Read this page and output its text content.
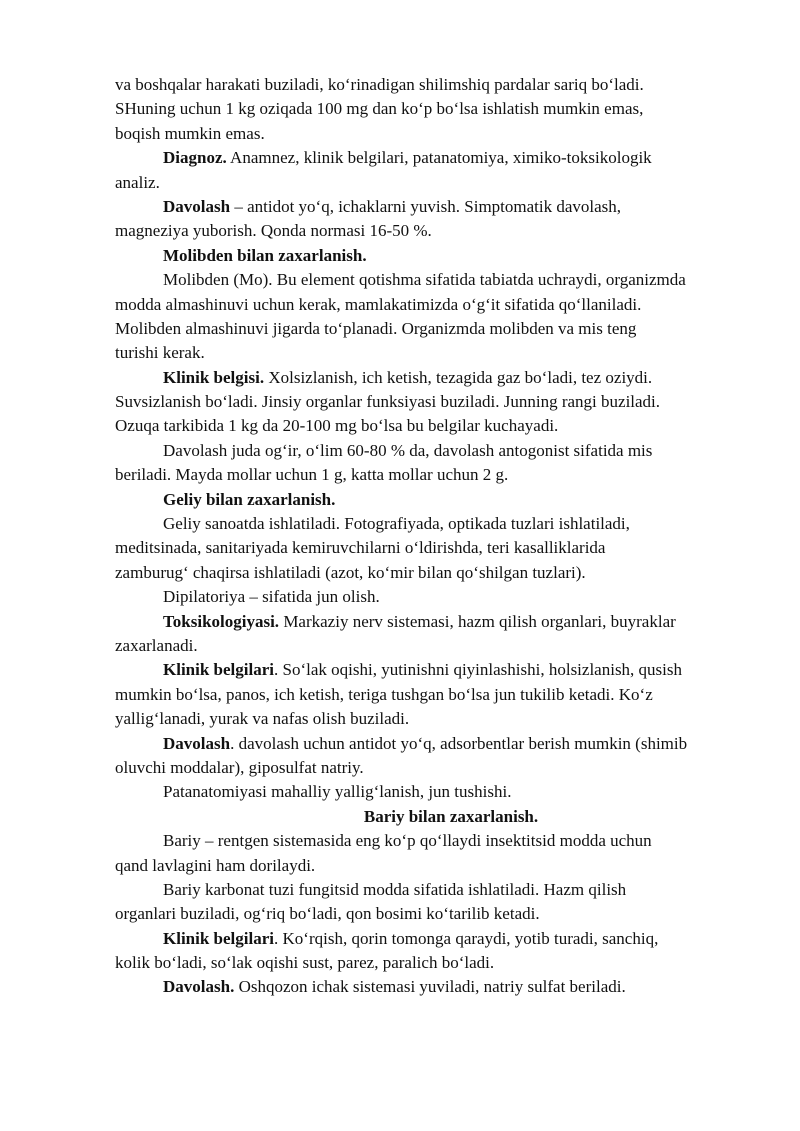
va boshqalar harakati buziladi, ko‘rinadigan shilimshiq pardalar sariq bo‘ladi.
SHuning uchun 1 kg oziqada 100 mg dan ko‘p bo‘lsa ishlatish mumkin emas,
boqish mumkin emas.
Diagnoz. Anamnez, klinik belgilari, patanatomiya, ximiko-toksikologik
analiz.
Davolash – antidot yo‘q, ichaklarni yuvish. Simptomatik davolash,
magneziya yuborish. Qonda normasi 16-50 %.
Molibden bilan zaxarlanish.
Molibden (Mo). Bu element qotishma sifatida tabiatda uchraydi, organizmda
modda almashinuvi uchun kerak, mamlakatimizda o‘g‘it sifatida qo‘llaniladi.
Molibden almashinuvi jigarda to‘planadi. Organizmda molibden va mis teng
turishi kerak.
Klinik belgisi. Xolsizlanish, ich ketish, tezagida gaz bo‘ladi, tez oziydi.
Suvsizlanish bo‘ladi. Jinsiy organlar funksiyasi buziladi. Junning rangi buziladi.
Ozuqa tarkibida 1 kg da 20-100 mg bo‘lsa bu belgilar kuchayadi.
Davolash juda og‘ir, o‘lim 60-80 % da, davolash antogonist sifatida mis
beriladi. Mayda mollar uchun 1 g, katta mollar uchun 2 g.
Geliy bilan zaxarlanish.
Geliy sanoatda ishlatiladi. Fotografiyada, optikada tuzlari ishlatiladi,
meditsinada, sanitariyada kemiruvchilarni o‘ldirishda, teri kasalliklarida
zamburug‘ chaqirsa ishlatiladi (azot, ko‘mir bilan qo‘shilgan tuzlari).
Dipilatoriya – sifatida jun olish.
Toksikologiyasi. Markaziy nerv sistemasi, hazm qilish organlari, buyraklar
zaxarlanadi.
Klinik belgilari. So‘lak oqishi, yutinishni qiyinlashishi, holsizlanish, qusish
mumkin bo‘lsa, panos, ich ketish, teriga tushgan bo‘lsa jun tukilib ketadi. Ko‘z
yallig‘lanadi, yurak va nafas olish buziladi.
Davolash. davolash uchun antidot yo‘q, adsorbentlar berish mumkin (shimib
oluvchi moddalar), giposulfat natriy.
Patanatomiyasi mahalliy yallig‘lanish, jun tushishi.
Bariy bilan zaxarlanish.
Bariy – rentgen sistemasida eng ko‘p qo‘llaydi insektitsid modda uchun
qand lavlagini ham dorilaydi.
Bariy karbonat tuzi fungitsid modda sifatida ishlatiladi. Hazm qilish
organlari buziladi, og‘riq bo‘ladi, qon bosimi ko‘tarilib ketadi.
Klinik belgilari. Ko‘rqish, qorin tomonga qaraydi, yotib turadi, sanchiq,
kolik bo‘ladi, so‘lak oqishi sust, parez, paralich bo‘ladi.
Davolash. Oshqozon ichak sistemasi yuviladi, natriy sulfat beriladi.
